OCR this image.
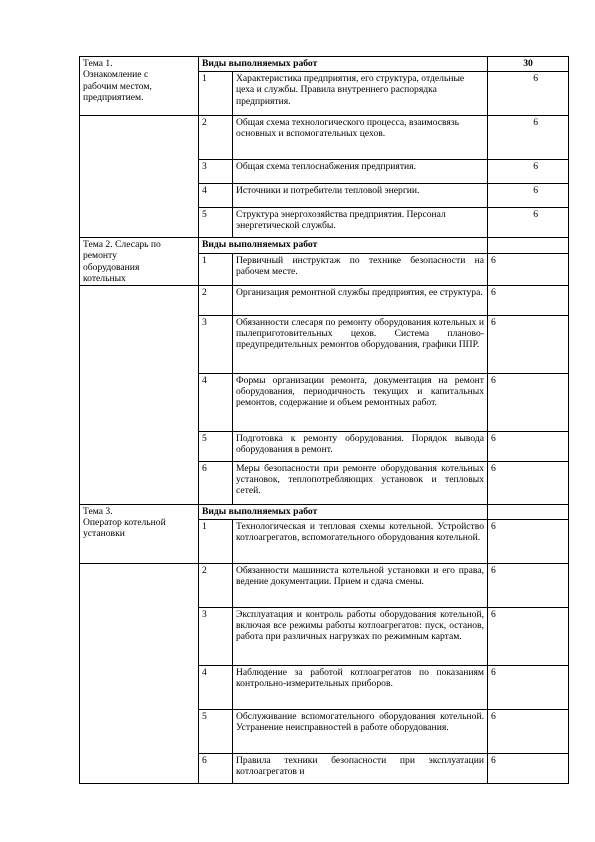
Тема 1.
Ознакомление с
рабочим местом,
предприятием.	Виды выполняемых работ		30
	1	Характеристика предприятия, его структура, отдельные цеха и службы. Правила внутреннего распорядка предприятия.	6
	2	Общая схема технологического процесса, взаимосвязь основных и вспомогательных цехов.	6
	3	Общая схема теплоснабжения предприятия.	6
	4	Источники и потребители тепловой энергии.	6
	5	Структура энергохозяйства предприятия. Персонал энергетической службы.	6

Тема 2. Слесарь по
ремонту
оборудования
котельных	Виды выполняемых работ		
	1	Первичный инструктаж по технике безопасности на рабочем месте.	6
	2	Организация ремонтной службы предприятия, ее структура.	6
	3	Обязанности слесаря по ремонту оборудования котельных и пылеприготовительных цехов. Система планово-предупредительных ремонтов оборудования, графики ППР.	6
	4	Формы организации ремонта, документация на ремонт оборудования, периодичность текущих и капитальных ремонтов, содержание и объем ремонтных работ.	6
	5	Подготовка к ремонту оборудования. Порядок вывода оборудования в ремонт.	6
	6	Меры безопасности при ремонте оборудования котельных установок, теплопотребляющих установок и тепловых сетей.	6

Тема 3.
Оператор котельной
установки	Виды выполняемых работ		
	1	Технологическая и тепловая схемы котельной. Устройство котлоагрегатов, вспомогательного оборудования котельной.	6
	2	Обязанности машиниста котельной установки и его права, ведение документации. Прием и сдача смены.	6
	3	Эксплуатация и контроль работы оборудования котельной, включая все режимы работы котлоагрегатов: пуск, останов, работа при различных нагрузках по режимным картам.	6
	4	Наблюдение за работой котлоагрегатов по показаниям контрольно-измерительных приборов.	6
	5	Обслуживание вспомогательного оборудования котельной. Устранение неисправностей в работе оборудования.	6
	6	Правила техники безопасности при эксплуатации котлоагрегатов и	6
